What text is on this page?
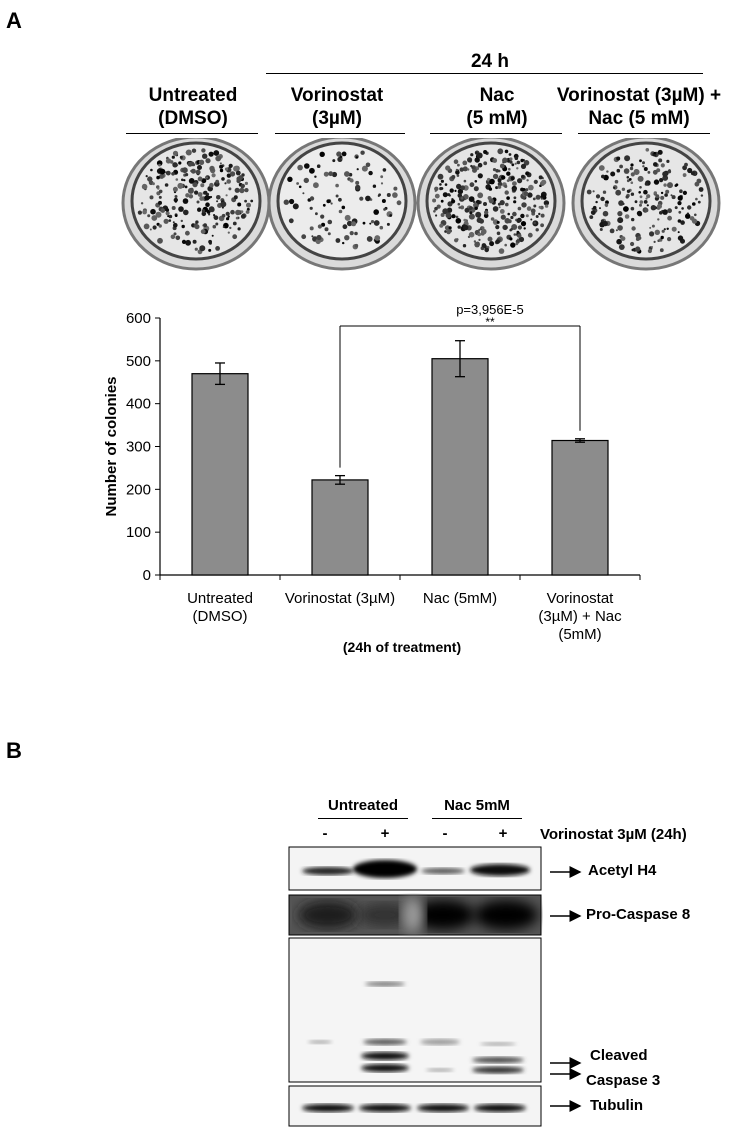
A
24 h
Untreated
(DMSO)
Vorinostat
(3µM)
Nac
(5 mM)
Vorinostat (3µM) +
Nac (5 mM)
0
100
200
300
400
500
600
Number of colonies
Untreated
(DMSO)
Vorinostat (3µM) Nac (5mM)	Vorinostat
(3µM) + Nac
(5mM)
(24h of treatment)
p=3,956E-5
**
B
Untreated	Nac 5mM
-	+	-	+ Vorinostat 3µM (24h)
Acetyl H4
Pro-Caspase 8
Cleaved
Caspase 3
Tubulin
